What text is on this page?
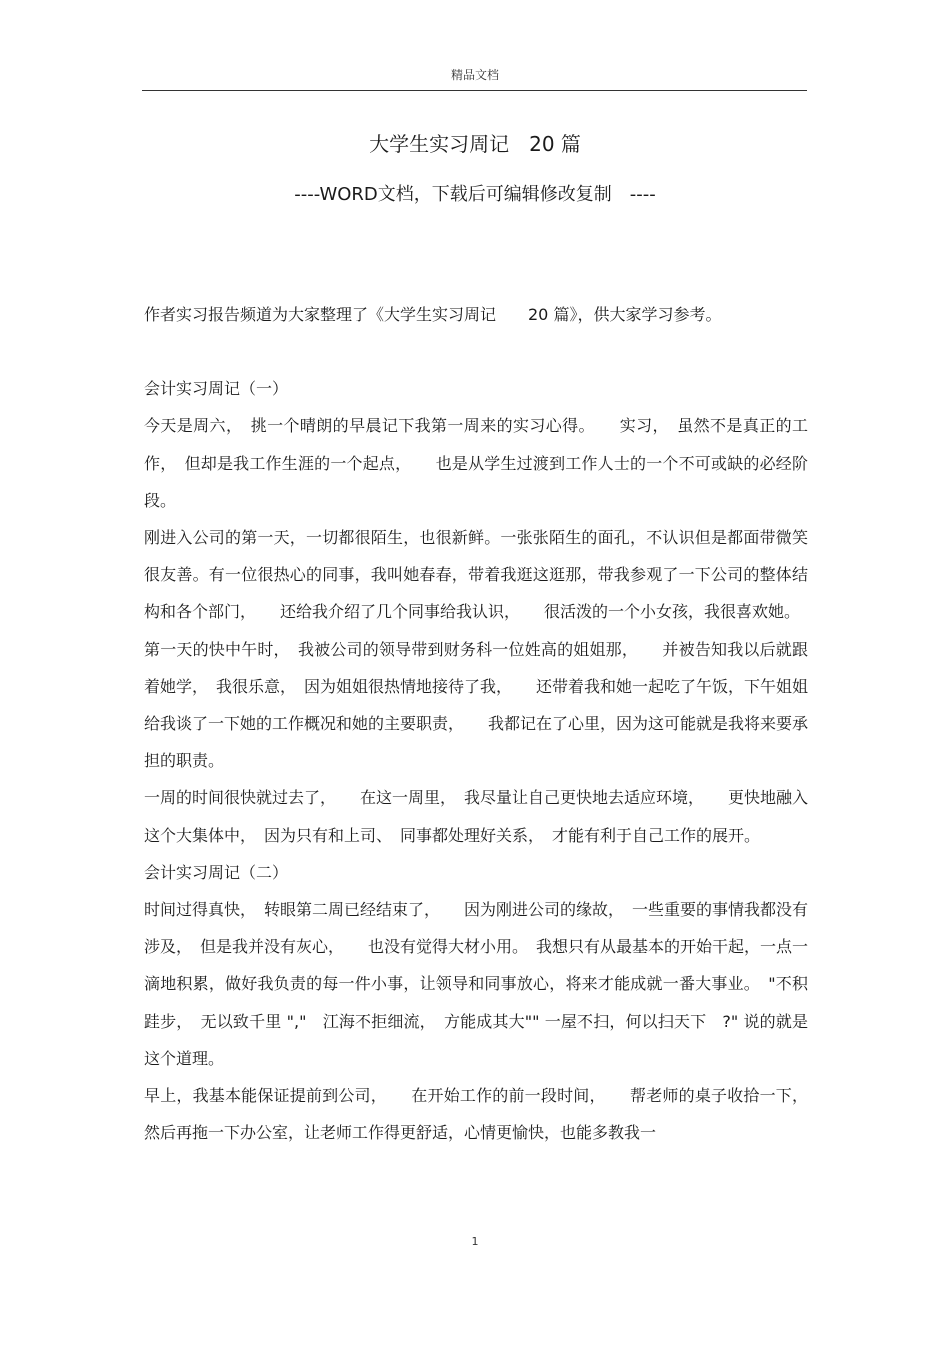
精品文档
大学生实习周记　20 篇
----WORD文档，下载后可编辑修改复制　----

作者实习报告频道为大家整理了《大学生实习周记　　20 篇》，供大家学习参考。

会计实习周记（一）

今天是周六，　挑一个晴朗的早晨记下我第一周来的实习心得。　　实习，　虽然不是真正的工作，　但却是我工作生涯的一个起点，　　也是从学生过渡到工作人士的一个不可或缺的必经阶段。

刚进入公司的第一天，一切都很陌生，也很新鲜。一张张陌生的面孔，不认识但是都面带微笑很友善。有一位很热心的同事，我叫她春春，带着我逛这逛那，带我参观了一下公司的整体结构和各个部门，　　还给我介绍了几个同事给我认识，　　很活泼的一个小女孩，我很喜欢她。

第一天的快中午时，　我被公司的领导带到财务科一位姓高的姐姐那，　　并被告知我以后就跟着她学，　我很乐意，　因为姐姐很热情地接待了我，　　还带着我和她一起吃了午饭，下午姐姐给我谈了一下她的工作概况和她的主要职责，　　我都记在了心里，因为这可能就是我将来要承担的职责。

一周的时间很快就过去了，　　在这一周里，　我尽量让自己更快地去适应环境，　　更快地融入这个大集体中，　因为只有和上司、　同事都处理好关系，　才能有利于自己工作的展开。

会计实习周记（二）

时间过得真快，　转眼第二周已经结束了，　　因为刚进公司的缘故，　一些重要的事情我都没有涉及，　但是我并没有灰心，　　也没有觉得大材小用。　我想只有从最基本的开始干起，一点一滴地积累，做好我负责的每一件小事，让领导和同事放心，将来才能成就一番大事业。　"不积跬步，　无以致千里 ","　江海不拒细流，　方能成其大"" 一屋不扫，何以扫天下　?" 说的就是这个道理。

早上，我基本能保证提前到公司，　　在开始工作的前一段时间，　　帮老师的桌子收拾一下，然后再拖一下办公室，让老师工作得更舒适，心情更愉快，也能多教我一

1
